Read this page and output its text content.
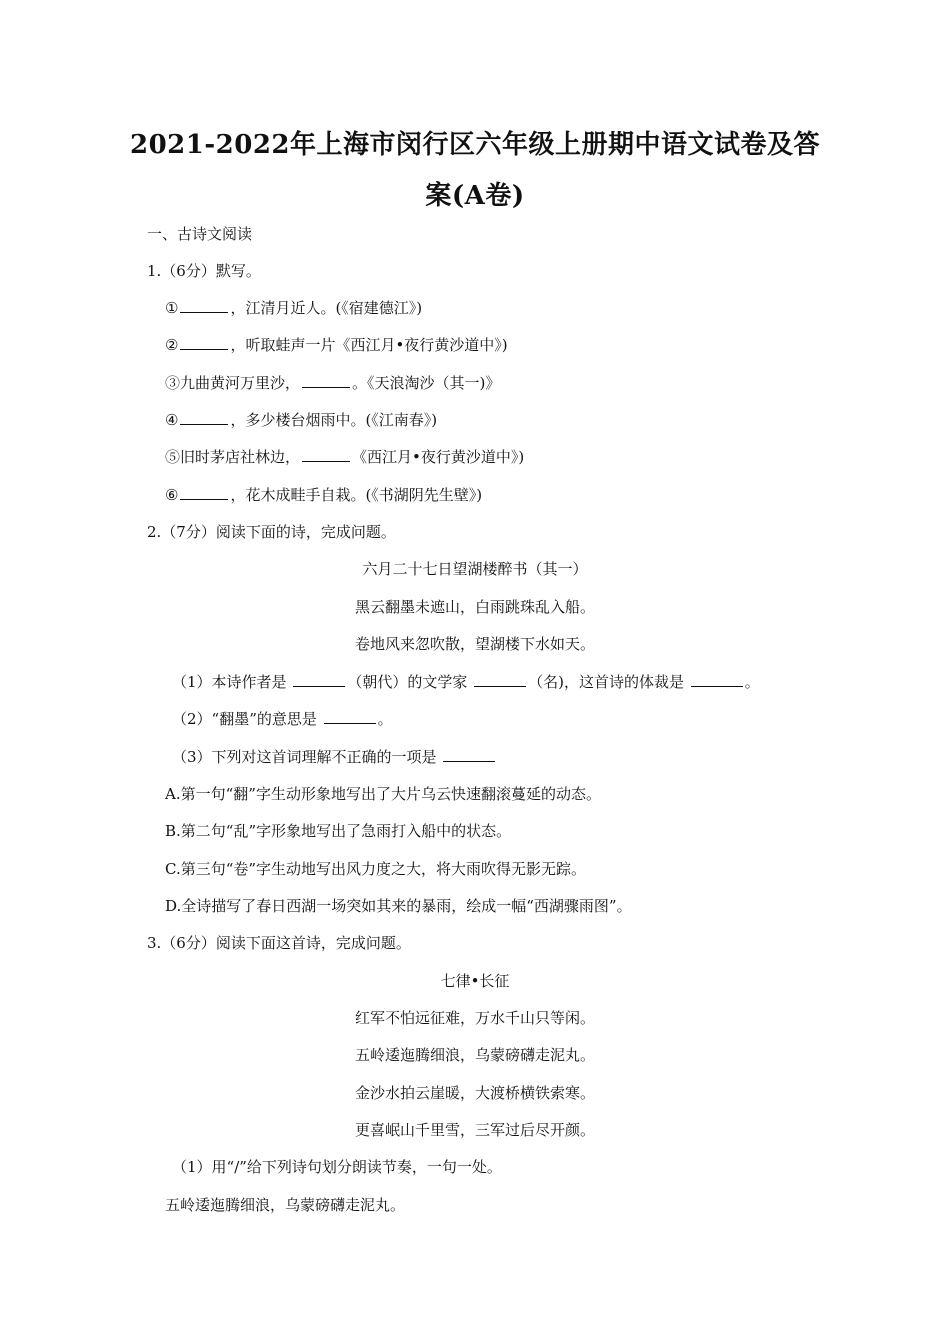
2021-2022年上海市闵行区六年级上册期中语文试卷及答
案(A卷)
一、古诗文阅读
1.（6分）默写。
①	，江清月近人。(《宿建德江》)
②	，听取蛙声一片《西江月•夜行黄沙道中》)
③九曲黄河万里沙，	。《天浪淘沙（其一)》
④	，多少楼台烟雨中。(《江南春》)
⑤旧时茅店社林边，	《西江月•夜行黄沙道中》)
⑥	，花木成畦手自栽。(《书湖阴先生壁》)
2.（7分）阅读下面的诗，完成问题。
六月二十七日望湖楼醉书（其一）
黑云翻墨未遮山，白雨跳珠乱入船。
卷地风来忽吹散，望湖楼下水如天。
（1）本诗作者是	（朝代）的文学家	（名)，这首诗的体裁是	。
（2）“翻墨”的意思是	。
（3）下列对这首词理解不正确的一项是
A.第一句“翻”字生动形象地写出了大片乌云快速翻滚蔓延的动态。
B.第二句“乱”字形象地写出了急雨打入船中的状态。
C.第三句“卷”字生动地写出风力度之大，将大雨吹得无影无踪。
D.全诗描写了春日西湖一场突如其来的暴雨，绘成一幅“西湖骤雨图”。
3.（6分）阅读下面这首诗，完成问题。
七律•长征
红军不怕远征难，万水千山只等闲。
五岭逶迤腾细浪，乌蒙磅礴走泥丸。
金沙水拍云崖暖，大渡桥横铁索寒。
更喜岷山千里雪，三军过后尽开颜。
（1）用“/”给下列诗句划分朗读节奏，一句一处。
五岭逶迤腾细浪，乌蒙磅礴走泥丸。
